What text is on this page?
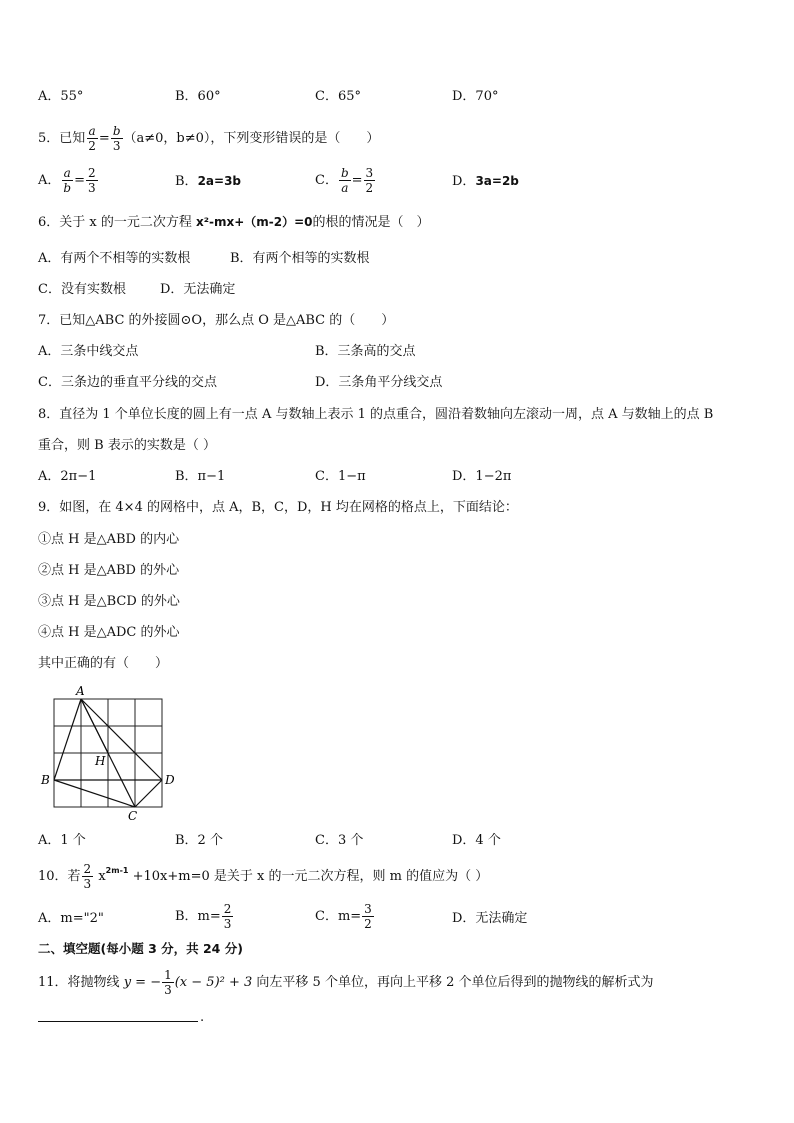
A．55°	B．60°	C．65°	D．70°
5．已知 $\frac{a}{2} = \frac{b}{3} (a\ne 0$，b≠0），下列变形错误的是（　　）
A． $\frac{a}{b} = \frac{2}{3}$	B．2a=3b	C． $\frac{b}{a} = \frac{3}{2}$	D．3a=2b
6．关于 x 的一元二次方程 x²-mx+（m-2）=0的根的情况是（　）
A．有两个不相等的实数根	B．有两个相等的实数根
C．没有实数根	D．无法确定
7．已知△ABC 的外接圆⊙O，那么点 O 是△ABC 的（　　）
A．三条中线交点	B．三条高的交点
C．三条边的垂直平分线的交点	D．三条角平分线交点
8．直径为 1 个单位长度的圆上有一点 A 与数轴上表示 1 的点重合，圆沿着数轴向左滚动一周，点 A 与数轴上的点 B
重合，则 B 表示的实数是（ ）
A．2π−1	B．π−1	C．1−π	D．1−2π
9．如图，在 4×4 的网格中，点 A，B，C，D，H 均在网格的格点上，下面结论：
①点 H 是△ABD 的内心
②点 H 是△ABD 的外心
③点 H 是△BCD 的外心
④点 H 是△ADC 的外心
其中正确的有（　　）
A
B
C
D
H
A．1 个	B．2 个	C．3 个	D．4 个
10．若 $\frac{2}{3} x^{2m-1} +10x+m=0$ 是关于 x 的一元二次方程，则 m 的值应为（ ）
A．m="2"	B．$m= \frac{2}{3}$	C．$m= \frac{3}{2}$	D．无法确定
二、填空题(每小题 3 分，共 24 分)
11．将抛物线 y = − $\frac{1}{3} (x - 5)^2 + 3$ 向左平移 5 个单位，再向上平移 2 个单位后得到的抛物线的解析式为
.
